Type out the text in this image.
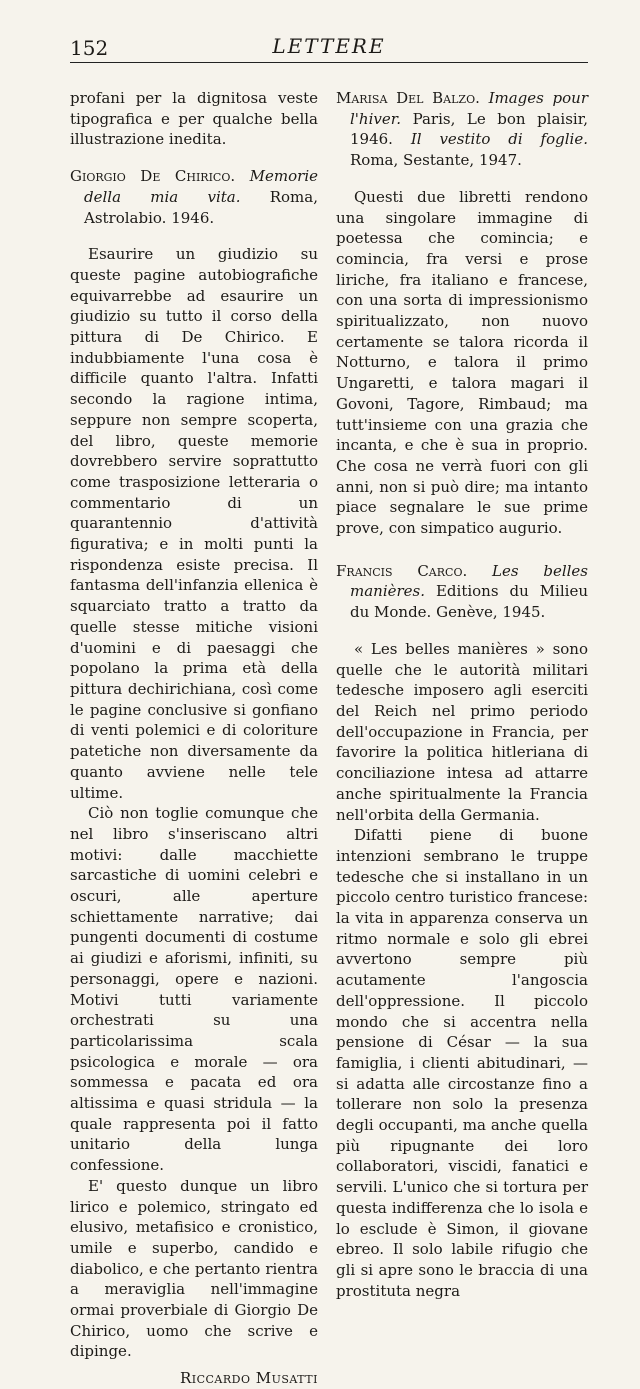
152	LETTERE

profani per la dignitosa veste tipografica e per qualche bella illustrazione inedita.

Giorgio De Chirico. Memorie della mia vita. Roma, Astrolabio. 1946.

Esaurire un giudizio su queste pagine autobiografiche equivarrebbe ad esaurire un giudizio su tutto il corso della pittura di De Chirico. E indubbiamente l'una cosa è difficile quanto l'altra. Infatti secondo la ragione intima, seppure non sempre scoperta, del libro, queste memorie dovrebbero servire soprattutto come trasposizione letteraria o commentario di un quarantennio d'attività figurativa; e in molti punti la rispondenza esiste precisa. Il fantasma dell'infanzia ellenica è squarciato tratto a tratto da quelle stesse mitiche visioni d'uomini e di paesaggi che popolano la prima età della pittura dechirichiana, così come le pagine conclusive si gonfiano di venti polemici e di coloriture patetiche non diversamente da quanto avviene nelle tele ultime.

Ciò non toglie comunque che nel libro s'inseriscano altri motivi: dalle macchiette sarcastiche di uomini celebri e oscuri, alle aperture schiettamente narrative; dai pungenti documenti di costume ai giudizi e aforismi, infiniti, su personaggi, opere e nazioni. Motivi tutti variamente orchestrati su una particolarissima scala psicologica e morale — ora sommessa e pacata ed ora altissima e quasi stridula — la quale rappresenta poi il fatto unitario della lunga confessione.

E' questo dunque un libro lirico e polemico, stringato ed elusivo, metafisico e cronistico, umile e superbo, candido e diabolico, e che pertanto rientra a meraviglia nell'immagine ormai proverbiale di Giorgio De Chirico, uomo che scrive e dipinge.

Riccardo Musatti

Marisa Del Balzo. Images pour l'hiver. Paris, Le bon plaisir, 1946. Il vestito di foglie. Roma, Sestante, 1947.

Questi due libretti rendono una singolare immagine di poetessa che comincia; e comincia, fra versi e prose liriche, fra italiano e francese, con una sorta di impressionismo spiritualizzato, non nuovo certamente se talora ricorda il Notturno, e talora il primo Ungaretti, e talora magari il Govoni, Tagore, Rimbaud; ma tutt'insieme con una grazia che incanta, e che è sua in proprio. Che cosa ne verrà fuori con gli anni, non si può dire; ma intanto piace segnalare le sue prime prove, con simpatico augurio.

Francis Carco. Les belles manières. Editions du Milieu du Monde. Genève, 1945.

« Les belles manières » sono quelle che le autorità militari tedesche imposero agli eserciti del Reich nel primo periodo dell'occupazione in Francia, per favorire la politica hitleriana di conciliazione intesa ad attarre anche spiritualmente la Francia nell'orbita della Germania.

Difatti piene di buone intenzioni sembrano le truppe tedesche che si installano in un piccolo centro turistico francese: la vita in apparenza conserva un ritmo normale e solo gli ebrei avvertono sempre più acutamente l'angoscia dell'oppressione. Il piccolo mondo che si accentra nella pensione di César — la sua famiglia, i clienti abitudinari, — si adatta alle circostanze fino a tollerare non solo la presenza degli occupanti, ma anche quella più ripugnante dei loro collaboratori, viscidi, fanatici e servili. L'unico che si tortura per questa indifferenza che lo isola e lo esclude è Simon, il giovane ebreo. Il solo labile rifugio che gli si apre sono le braccia di una prostituta negra
